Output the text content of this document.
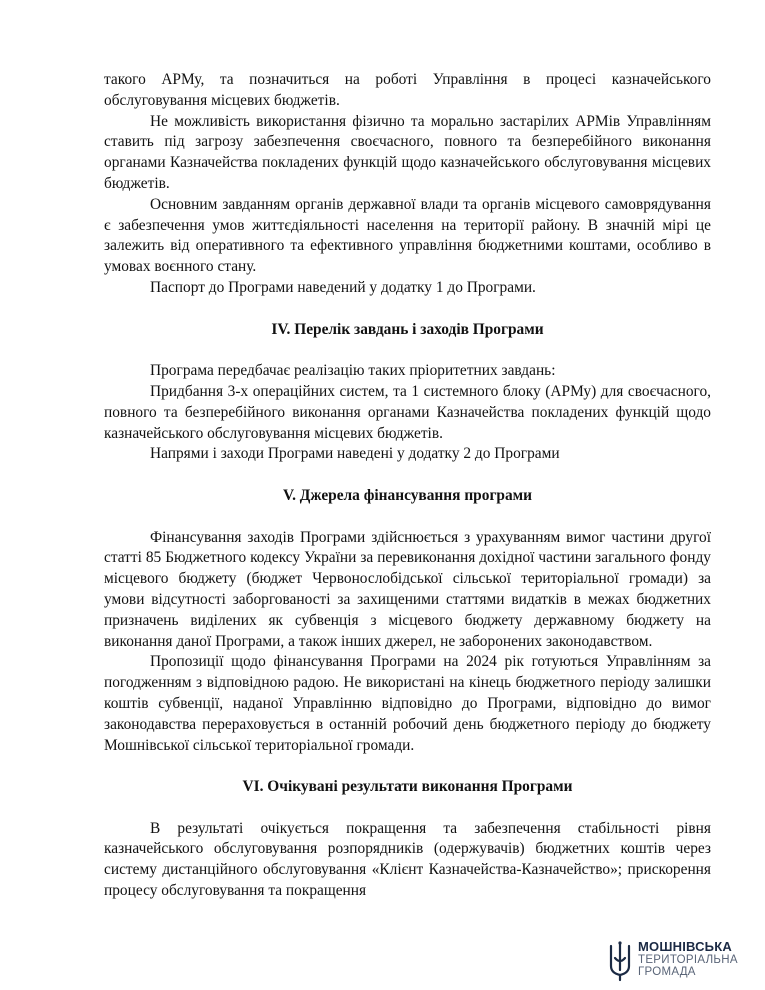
такого АРМу, та позначиться на роботі Управління в процесі казначейського обслуговування місцевих бюджетів.

Не можливість використання фізично та морально застарілих АРМів Управлінням ставить під загрозу забезпечення своєчасного, повного та безперебійного виконання органами Казначейства покладених функцій щодо казначейського обслуговування місцевих бюджетів.

Основним завданням органів державної влади та органів місцевого самоврядування є забезпечення умов життєдіяльності населення на території району. В значній мірі це залежить від оперативного та ефективного управління бюджетними коштами, особливо в умовах воєнного стану.

Паспорт до Програми наведений у додатку 1 до Програми.

IV. Перелік завдань і заходів Програми

Програма передбачає реалізацію таких пріоритетних завдань:

Придбання 3-х операційних систем, та 1 системного блоку (АРМу) для своєчасного, повного та безперебійного виконання органами Казначейства покладених функцій щодо казначейського обслуговування місцевих бюджетів.

Напрями і заходи Програми наведені у додатку 2 до Програми

V. Джерела фінансування програми

Фінансування заходів Програми здійснюється з урахуванням вимог частини другої статті 85 Бюджетного кодексу України за перевиконання дохідної частини загального фонду місцевого бюджету (бюджет Червонослобідської сільської територіальної громади) за умови відсутності заборгованості за захищеними статтями видатків в межах бюджетних призначень виділених як субвенція з місцевого бюджету державному бюджету на виконання даної Програми, а також інших джерел, не заборонених законодавством.

Пропозиції щодо фінансування Програми на 2024 рік готуються Управлінням за погодженням з відповідною радою. Не використані на кінець бюджетного періоду залишки коштів субвенції, наданої Управлінню відповідно до Програми, відповідно до вимог законодавства перераховується в останній робочий день бюджетного періоду до бюджету Мошнівської сільської територіальної громади.

VI. Очікувані результати виконання Програми

В результаті очікується покращення та забезпечення стабільності рівня казначейського обслуговування розпорядників (одержувачів) бюджетних коштів через систему дистанційного обслуговування «Клієнт Казначейства-Казначейство»; прискорення процесу обслуговування та покращення

МОШНІВСЬКА
ТЕРИТОРІАЛЬНА
ГРОМАДА
